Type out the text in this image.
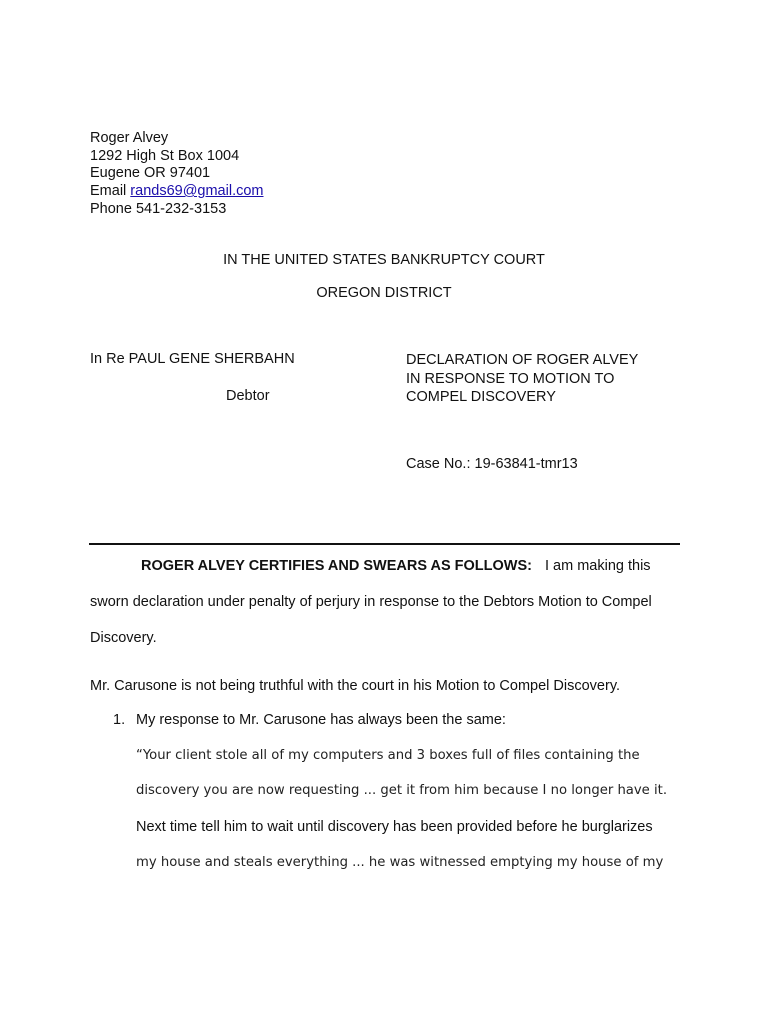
Roger Alvey
1292 High St Box 1004
Eugene OR 97401
Email rands69@gmail.com
Phone 541-232-3153
IN THE UNITED STATES BANKRUPTCY COURT
OREGON DISTRICT
In Re PAUL GENE SHERBAHN
Debtor
DECLARATION OF ROGER ALVEY
IN RESPONSE TO MOTION TO
COMPEL DISCOVERY
Case No.: 19-63841-tmr13
ROGER ALVEY CERTIFIES AND SWEARS AS FOLLOWS: I am making this
sworn declaration under penalty of perjury in response to the Debtors Motion to Compel
Discovery.
Mr. Carusone is not being truthful with the court in his Motion to Compel Discovery.
1. My response to Mr. Carusone has always been the same:
“Your client stole all of my computers and 3 boxes full of files containing the
discovery you are now requesting ... get it from him because I no longer have it.
Next time tell him to wait until discovery has been provided before he burglarizes
my house and steals everything ... he was witnessed emptying my house of my
